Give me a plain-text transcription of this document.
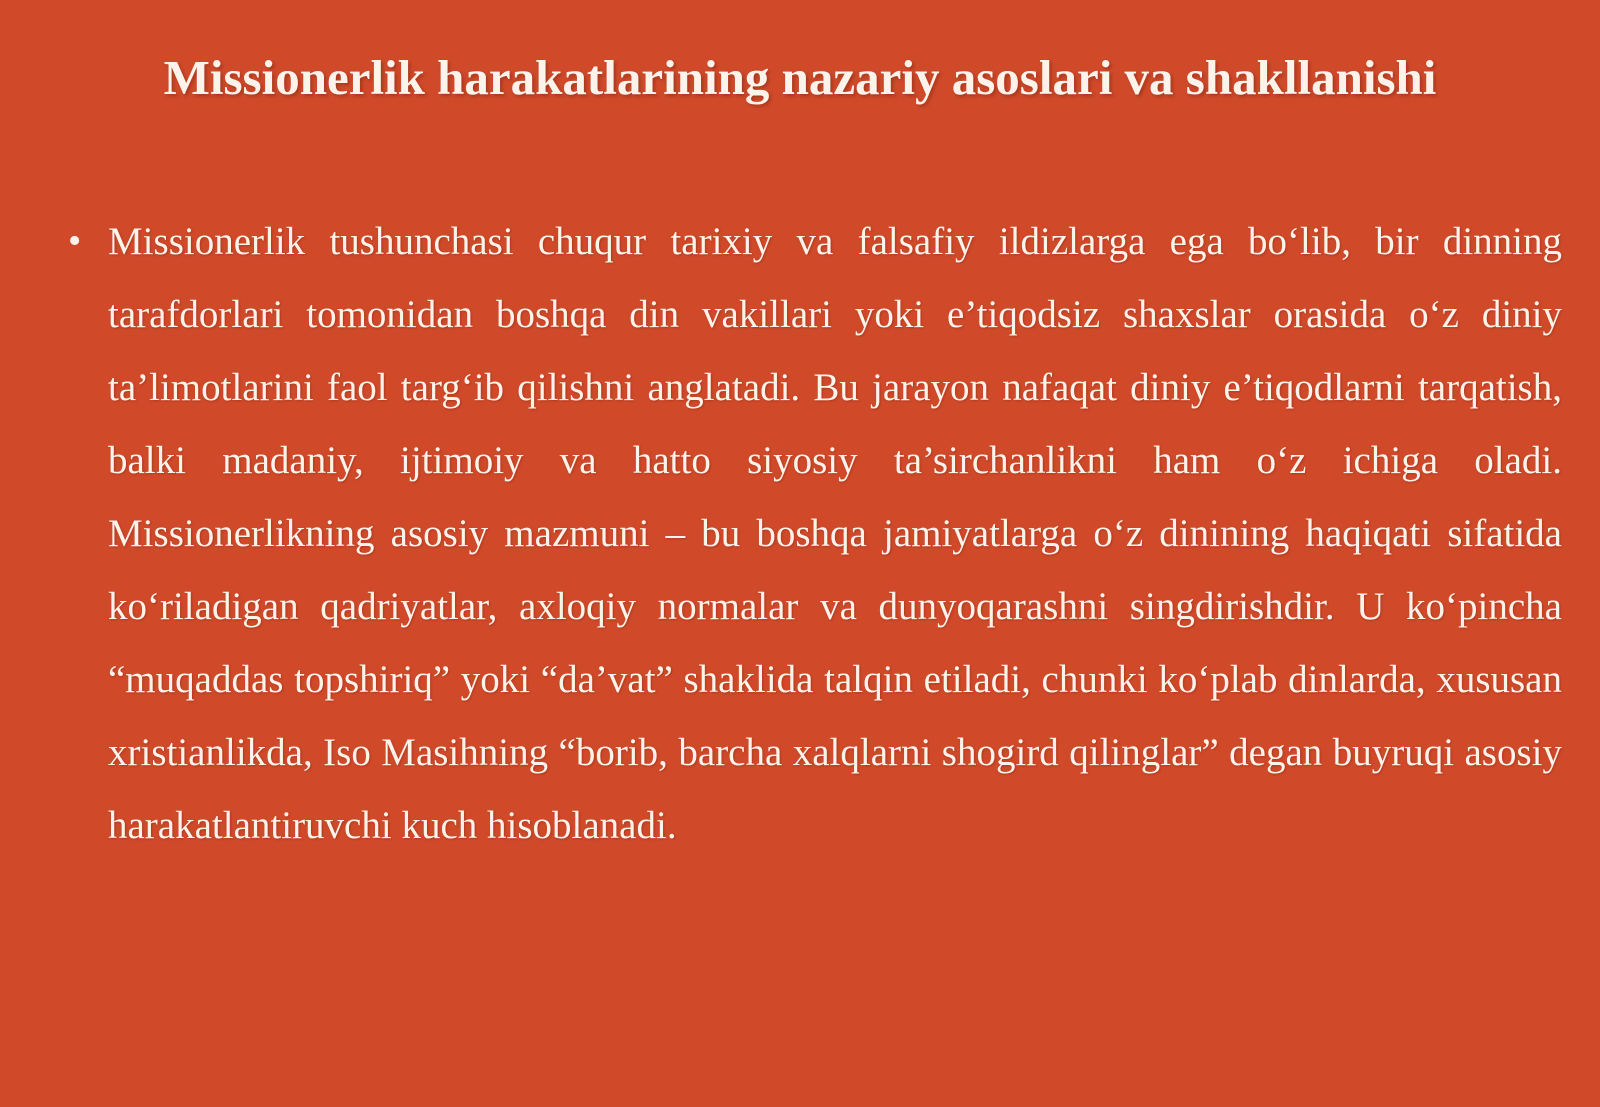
Missionerlik harakatlarining nazariy asoslari va shakllanishi
• Missionerlik tushunchasi chuqur tarixiy va falsafiy ildizlarga ega bo‘lib, bir dinning tarafdorlari tomonidan boshqa din vakillari yoki e’tiqodsiz shaxslar orasida o‘z diniy ta’limotlarini faol targ‘ib qilishni anglatadi. Bu jarayon nafaqat diniy e’tiqodlarni tarqatish, balki madaniy, ijtimoiy va hatto siyosiy ta’sirchanlikni ham o‘z ichiga oladi. Missionerlikning asosiy mazmuni – bu boshqa jamiyatlarga o‘z dinining haqiqati sifatida ko‘riladigan qadriyatlar, axloqiy normalar va dunyoqarashni singdirishdir. U ko‘pincha “muqaddas topshiriq” yoki “da’vat” shaklida talqin etiladi, chunki ko‘plab dinlarda, xususan xristianlikda, Iso Masihning “borib, barcha xalqlarni shogird qilinglar” degan buyruqi asosiy harakatlantiruvchi kuch hisoblanadi.
